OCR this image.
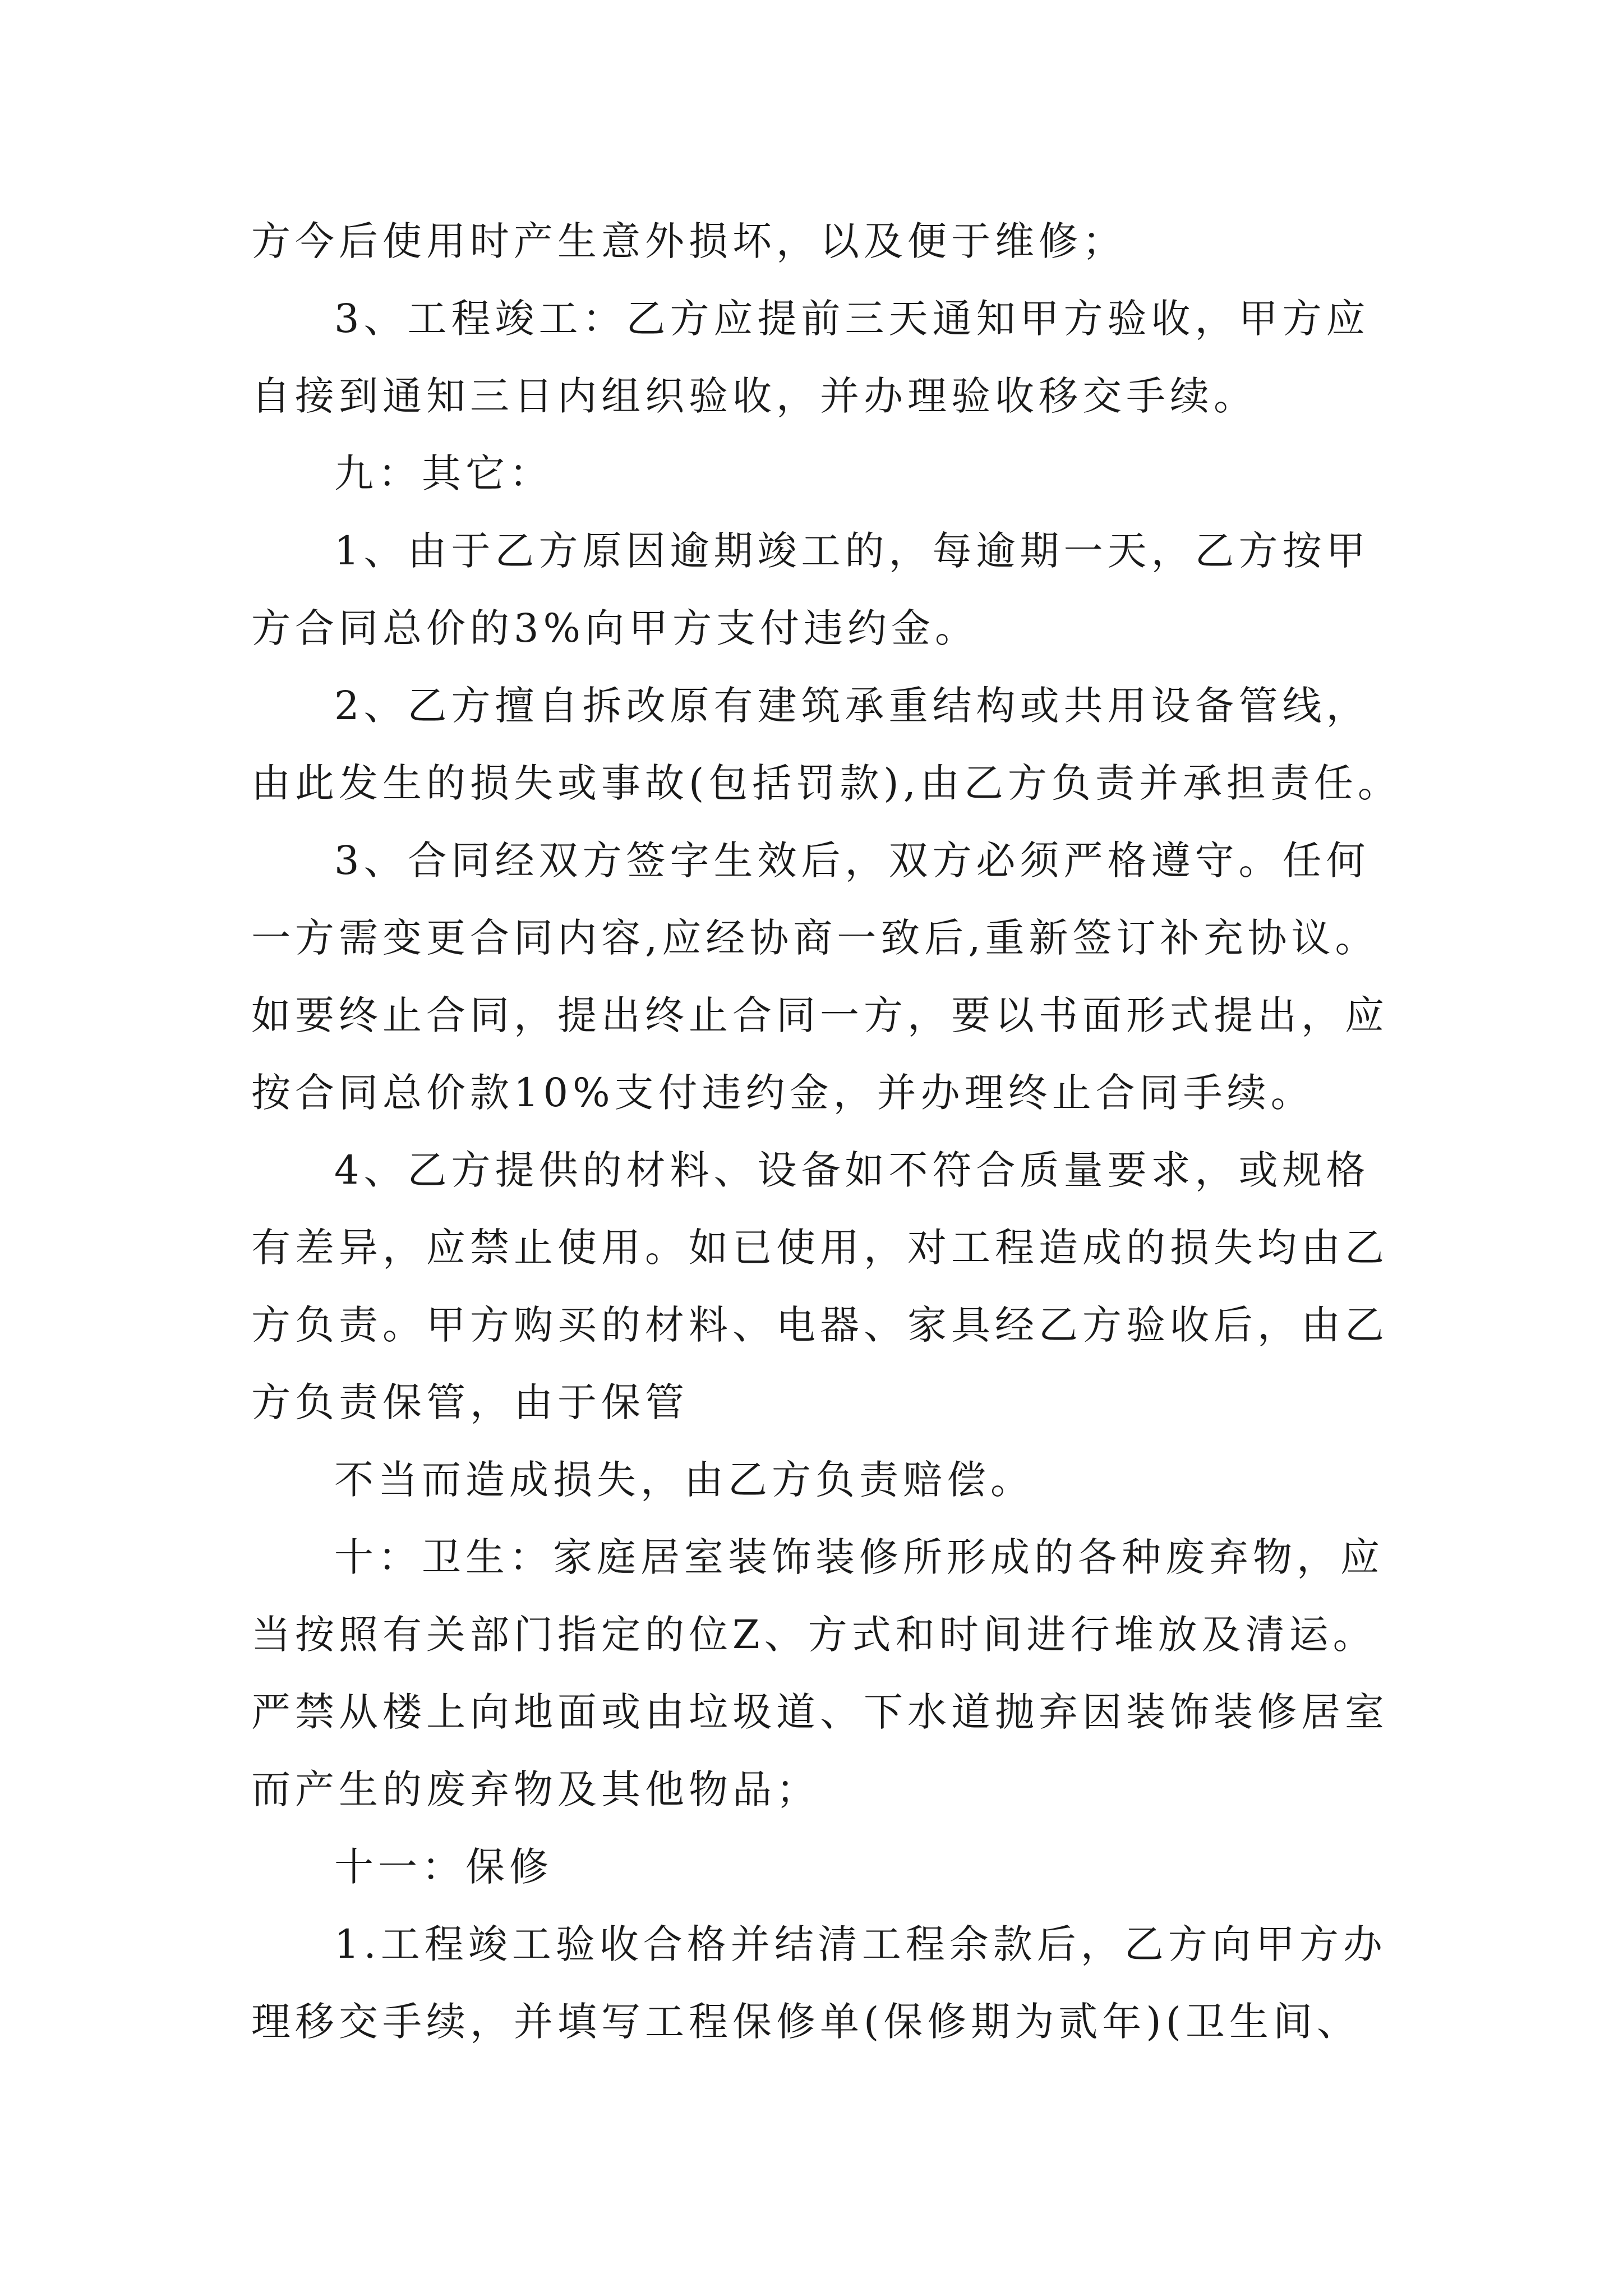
方今后使用时产生意外损坏，以及便于维修；
3、工程竣工：乙方应提前三天通知甲方验收，甲方应
自接到通知三日内组织验收，并办理验收移交手续。
九：其它：
1、由于乙方原因逾期竣工的，每逾期一天，乙方按甲
方合同总价的3%向甲方支付违约金。
2、乙方擅自拆改原有建筑承重结构或共用设备管线，
由此发生的损失或事故(包括罚款),由乙方负责并承担责任。
3、合同经双方签字生效后，双方必须严格遵守。任何
一方需变更合同内容,应经协商一致后,重新签订补充协议。
如要终止合同，提出终止合同一方，要以书面形式提出，应
按合同总价款10%支付违约金，并办理终止合同手续。
4、乙方提供的材料、设备如不符合质量要求，或规格
有差异，应禁止使用。如已使用，对工程造成的损失均由乙
方负责。甲方购买的材料、电器、家具经乙方验收后，由乙
方负责保管，由于保管
不当而造成损失，由乙方负责赔偿。
十：卫生：家庭居室装饰装修所形成的各种废弃物，应
当按照有关部门指定的位Z、方式和时间进行堆放及清运。
严禁从楼上向地面或由垃圾道、下水道抛弃因装饰装修居室
而产生的废弃物及其他物品；
十一：保修
1.工程竣工验收合格并结清工程余款后，乙方向甲方办
理移交手续，并填写工程保修单(保修期为贰年)(卫生间、
